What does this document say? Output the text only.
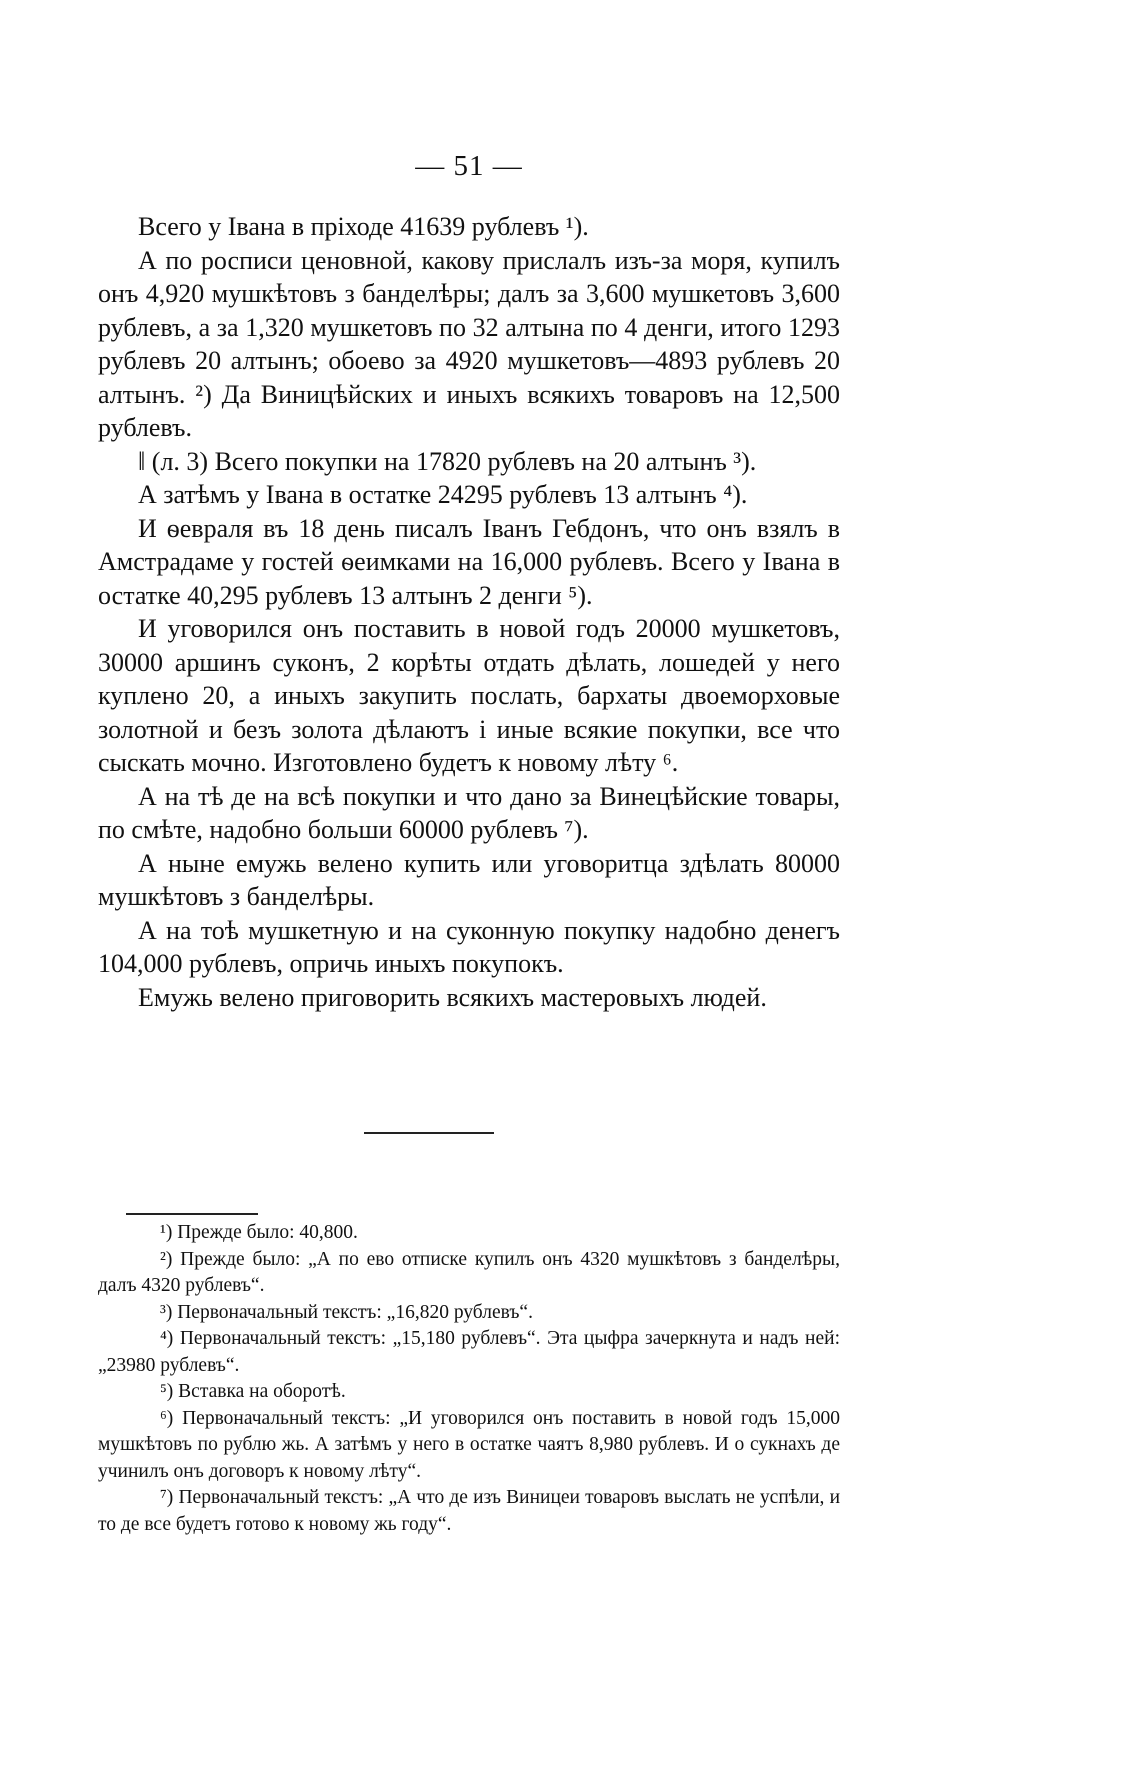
— 51 —

Всего у Івана в пріходе 41639 рублевъ ¹).

А по росписи ценовной, какову прислалъ изъ-за моря, купилъ онъ 4,920 мушкѣтовъ з банделѣры; далъ за 3,600 мушкетовъ 3,600 рублевъ, а за 1,320 мушкетовъ по 32 алтына по 4 денги, итого 1293 рублевъ 20 алтынъ; обоево за 4920 мушкетовъ—4893 рублевъ 20 алтынъ. ²) Да Виницѣйских и иныхъ всякихъ товаровъ на 12,500 рублевъ.

‖ (л. 3) Всего покупки на 17820 рублевъ на 20 алтынъ ³).

А затѣмъ у Івана в остатке 24295 рублевъ 13 алтынъ ⁴).

И ѳевраля въ 18 день писалъ Іванъ Гебдонъ, что онъ взялъ в Амстрадаме у гостей ѳеимками на 16,000 рублевъ. Всего у Івана в остатке 40,295 рублевъ 13 алтынъ 2 денги ⁵).

И уговорился онъ поставить в новой годъ 20000 мушкетовъ, 30000 аршинъ суконъ, 2 корѣты отдать дѣлать, лошедей у него куплено 20, а иныхъ закупить послать, бархаты двоеморховые золотной и безъ золота дѣлаютъ і иные всякие покупки, все что сыскать мочно. Изготовлено будетъ к новому лѣту ⁶.

А на тѣ де на всѣ покупки и что дано за Винецѣйские товары, по смѣте, надобно больши 60000 рублевъ ⁷).

А ныне емужь велено купить или уговоритца здѣлать 80000 мушкѣтовъ з банделѣры.

А на тоѣ мушкетную и на суконную покупку надобно денегъ 104,000 рублевъ, опричь иныхъ покупокъ.

Емужь велено приговорить всякихъ мастеровыхъ людей.

¹) Прежде было: 40,800.

²) Прежде было: „А по ево отписке купилъ онъ 4320 мушкѣтовъ з банделѣры, далъ 4320 рублевъ“.

³) Первоначальный текстъ: „16,820 рублевъ“.

⁴) Первоначальный текстъ: „15,180 рублевъ“. Эта цыфра зачеркнута и надъ ней: „23980 рублевъ“.

⁵) Вставка на оборотѣ.

⁶) Первоначальный текстъ: „И уговорился онъ поставить в новой годъ 15,000 мушкѣтовъ по рублю жь. А затѣмъ у него в остатке чаятъ 8,980 рублевъ. И о сукнахъ де учинилъ онъ договоръ к новому лѣту“.

⁷) Первоначальный текстъ: „А что де изъ Виницеи товаровъ выслать не успѣли, и то де все будетъ готово к новому жь году“.
